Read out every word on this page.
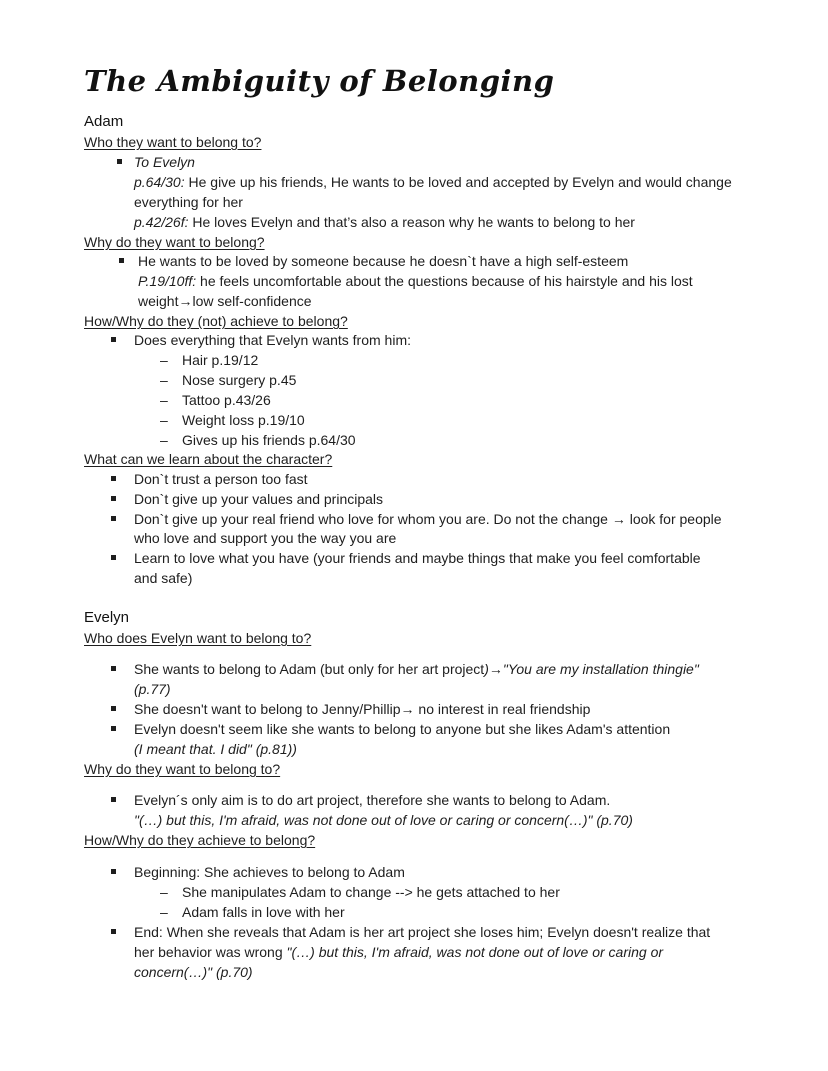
The Ambiguity of Belonging
Adam
Who they want to belong to?
To Evelyn
p.64/30: He give up his friends, He wants to be loved and accepted by Evelyn and would change
everything for her
p.42/26f: He loves Evelyn and that’s also a reason why he wants to belong to her
Why do they want to belong?
He wants to be loved by someone because he doesn`t have a high self-esteem
P.19/10ff: he feels uncomfortable about the questions because of his hairstyle and his lost
weight→low self-confidence
How/Why do they (not) achieve to belong?
Does everything that Evelyn wants from him:
– Hair p.19/12
– Nose surgery p.45
– Tattoo p.43/26
– Weight loss p.19/10
– Gives up his friends p.64/30
What can we learn about the character?
Don`t trust a person too fast
Don`t give up your values and principals
Don`t give up your real friend who love for whom you are. Do not the change → look for people
who love and support you the way you are
Learn to love what you have (your friends and maybe things that make you feel comfortable
and safe)
Evelyn
Who does Evelyn want to belong to?
She wants to belong to Adam (but only for her art project)→"You are my installation thingie"
(p.77)
She doesn't want to belong to Jenny/Phillip→ no interest in real friendship
Evelyn doesn't seem like she wants to belong to anyone but she likes Adam's attention
(I meant that. I did" (p.81))
Why do they want to belong to?
Evelyn´s only aim is to do art project, therefore she wants to belong to Adam.
"(…) but this, I'm afraid, was not done out of love or caring or concern(…)" (p.70)
How/Why do they achieve to belong?
Beginning: She achieves to belong to Adam
– She manipulates Adam to change --> he gets attached to her
– Adam falls in love with her
End: When she reveals that Adam is her art project she loses him; Evelyn doesn't realize that
her behavior was wrong "(…) but this, I'm afraid, was not done out of love or caring or
concern(…)" (p.70)
